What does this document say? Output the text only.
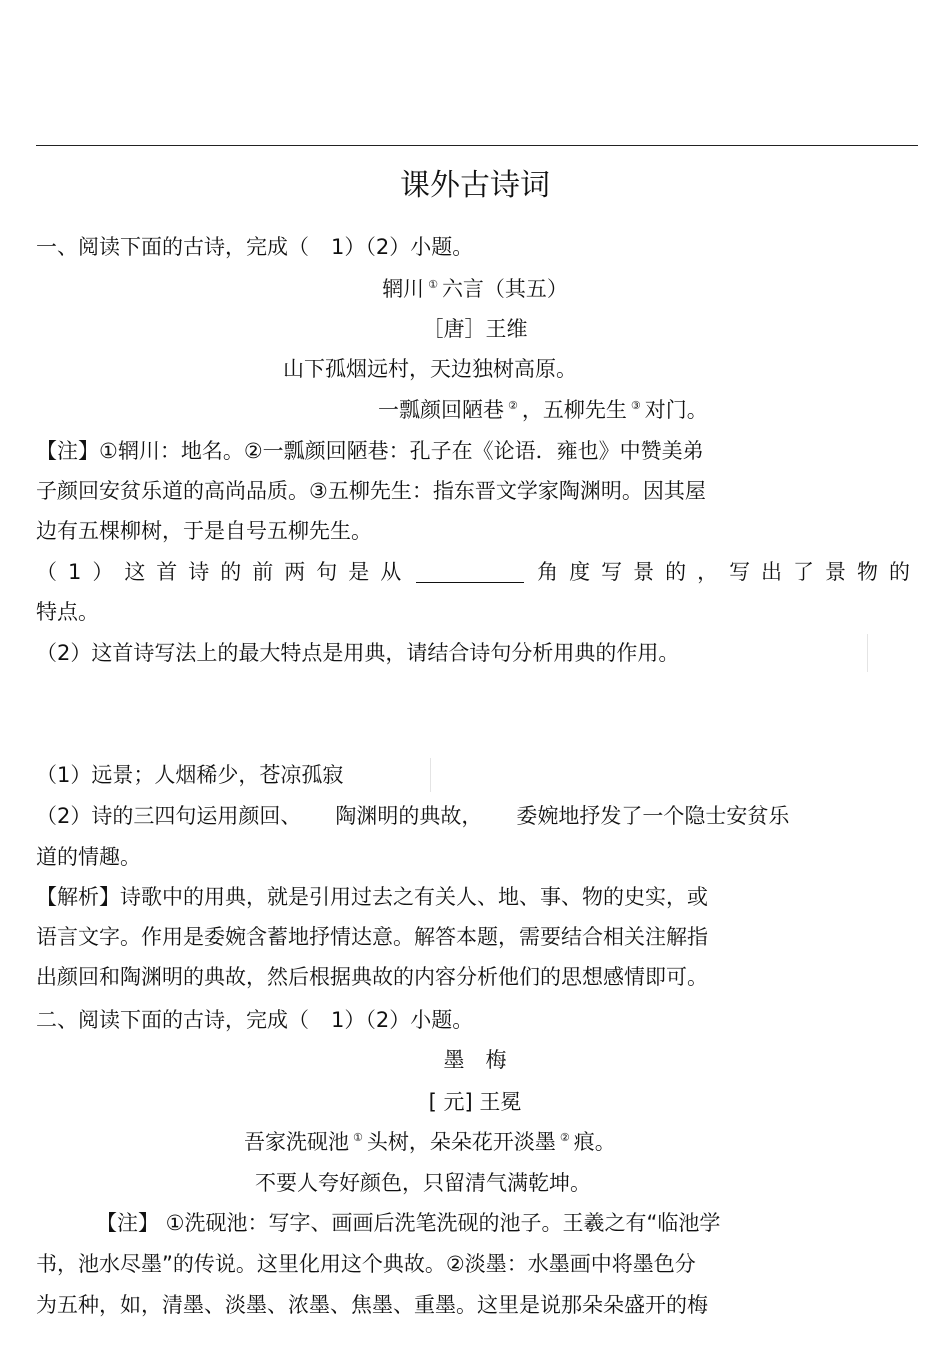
课外古诗词
一、阅读下面的古诗，完成（ 1）（2）小题。
辋川 ① 六言（其五）
［唐］王维
山下孤烟远村，天边独树高原。
一瓢颜回陋巷 ② ，五柳先生 ③ 对门。
【注】①辋川：地名。②一瓢颜回陋巷：孔子在《论语．雍也》中赞美弟
子颜回安贫乐道的高尚品质。③五柳先生：指东晋文学家陶渊明。因其屋
边有五棵柳树，于是自号五柳先生。
（1）这首诗的前两句是从	角度写景的，写出了景物的
特点。
（2）这首诗写法上的最大特点是用典，请结合诗句分析用典的作用。
（1）远景；人烟稀少，苍凉孤寂
（2）诗的三四句运用颜回、 陶渊明的典故， 委婉地抒发了一个隐士安贫乐
道的情趣。
【解析】诗歌中的用典，就是引用过去之有关人、地、事、物的史实，或
语言文字。作用是委婉含蓄地抒情达意。解答本题，需要结合相关注解指
出颜回和陶渊明的典故，然后根据典故的内容分析他们的思想感情即可。
二、阅读下面的古诗，完成（ 1）（2）小题。
墨　梅
[ 元] 王冕
吾家洗砚池 ① 头树，朵朵花开淡墨 ② 痕。
不要人夸好颜色，只留清气满乾坤。
【注】 ①洗砚池：写字、画画后洗笔洗砚的池子。王羲之有“临池学
书，池水尽墨”的传说。这里化用这个典故。②淡墨：水墨画中将墨色分
为五种，如，清墨、淡墨、浓墨、焦墨、重墨。这里是说那朵朵盛开的梅
